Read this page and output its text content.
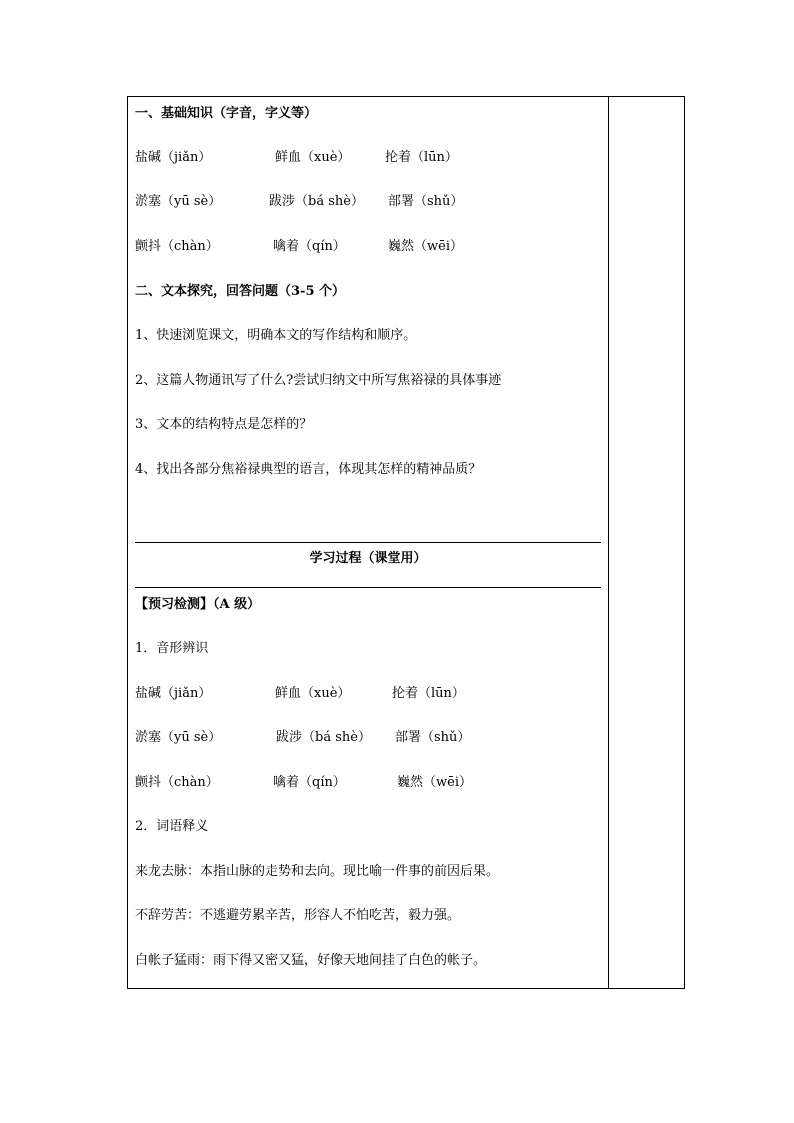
一、基础知识（字音，字义等）
盐碱（jiǎn）	鲜血（xuè）	抡着（lūn）
淤塞（yū sè）	跋涉（bá shè） 部署（shǔ）
颤抖（chàn）	噙着（qín）	巍然（wēi）
二、文本探究，回答问题（3-5 个）
1、快速浏览课文，明确本文的写作结构和顺序。
2、这篇人物通讯写了什么?尝试归纳文中所写焦裕禄的具体事迹
3、文本的结构特点是怎样的？
4、找出各部分焦裕禄典型的语言，体现其怎样的精神品质？
学习过程（课堂用）
【预习检测】（A 级）
1．音形辨识
盐碱（jiǎn）	鲜血（xuè）	抡着（lūn）
淤塞（yū sè）	跋涉（bá shè） 部署（shǔ）
颤抖（chàn）	噙着（qín）	巍然（wēi）
2．词语释义
来龙去脉：本指山脉的走势和去向。现比喻一件事的前因后果。
不辞劳苦：不逃避劳累辛苦，形容人不怕吃苦，毅力强。
白帐子猛雨：雨下得又密又猛，好像天地间挂了白色的帐子。
